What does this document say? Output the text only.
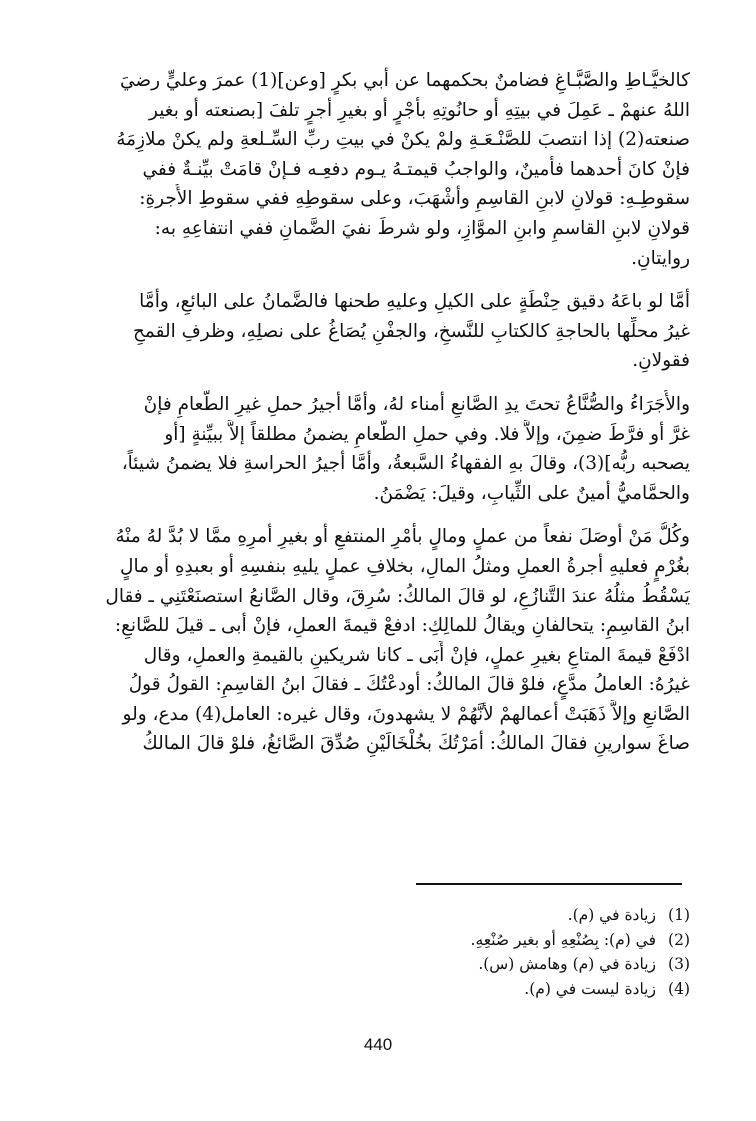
كالخيَّـاطِ والصَّبَّـاغِ فضامنٌ بحكمهما عن أبي بكرٍ [وعن](1) عمرَ وعليٍّ رضيَ
اللهُ عنهمْ ـ عَمِلَ في بيتِهِ أو حانُوتِهِ بأَجْرٍ أو بغيرِ أجرٍ تلفَ [بصنعته أو بغير
صنعته(2) إذا انتصبَ للصَّنْـعَـةِ ولمْ يكنْ في بيتِ ربِّ السِّـلعةِ ولم يكنْ ملازِمَهُ
فإنْ كانَ أحدهما فأمينٌ، والواجبُ قيمتـهُ يـوم دفعِـه فـإنْ قامَتْ بيِّنـةٌ ففي
سقوطِـهِ: قولانِ لابنِ القاسِمِ وأشْهَبَ، وعلى سقوطِهِ ففي سقوطِ الأُجرةِ:
قولانِ لابنِ القاسمِ وابنِ الموَّازِ، ولو شرطَ نفيَ الضَّمانِ ففي انتفاعِهِ به:
روايتانِ.
أمَّا لو باعَهُ دقيق حِنْطَةٍ على الكيلِ وعليهِ طحنها فالضَّمانُ على البائعِ، وأمَّا
غيرُ محلِّها بالحاجةِ كالكتابِ للنَّسخِ، والجفْنِ يُصَاغُ على نصلِهِ، وظرفِ القمحِ
فقولانِ.
والأُجَرَاءُ والصُّنَّاعُ تحتَ يدِ الصَّانعِ أمناء لهُ، وأمَّا أجيرُ حملِ غيرِ الطَّعامِ فإنْ
غرَّ أو فرَّطَ ضمِنَ، وإلاَّ فلا. وفي حملِ الطَّعامِ يضمنُ مطلقاً إلاَّ ببيِّنةٍ [أو
يصحبه ربُّه](3)، وقالَ بهِ الفقهاءُ السَّبعةُ، وأمَّا أجيرُ الحراسةِ فلا يضمنُ شيئاً،
والحمَّاميُّ أمينٌ على الثِّيابِ، وقيلَ: يَضْمَنُ.
وكُلُّ مَنْ أوصَلَ نفعاً من عملٍ ومالٍ بأمْرِ المنتفعِ أو بغيرِ أمرِهِ ممَّا لا بُدَّ لهُ منْهُ
بغُرْمٍ فعليهِ أجرةُ العملِ ومثلُ المالِ، بخلافِ عملٍ يليهِ بنفسِهِ أو بعبدِهِ أو مالٍ
يَسْقُطُ مثلُهُ عندَ التَّنازُعِ، لو قالَ المالكُ: سُرِقَ، وقال الصَّانعُ استصنَعْتَنِي ـ فقال
ابنُ القاسِمِ: يتحالفانِ ويقالُ للمالِكِ: ادفعْ قيمةَ العملِ، فإنْ أبى ـ قيلَ للصَّانعِ:
ادْفَعْ قيمةَ المتاعِ بغيرِ عملٍ، فإنْ أَبَى ـ كانا شريكينِ بالقيمةِ والعملِ، وقال
غيرُهُ: العاملُ مدَّعٍ، فلوْ قالَ المالكُ: أودعْتُكَ ـ فقالَ ابنُ القاسِمِ: القولُ قولُ
الصَّانعِ وإلاَّ ذَهَبَتْ أعمالهمْ لأنَّهُمْ لا يشهدونَ، وقال غيره: العامل(4) مدع، ولو
صاغَ سوارينِ فقالَ المالكُ: أمَرْتُكَ بخُلْخَالَيْنِ صُدِّقَ الصَّائغُ، فلوْ قالَ المالكُ
(1)
زيادة في (م).
(2)
في (م): بِصُنْعِهِ أو بغير صُنْعِهِ.
(3)
زيادة في (م) وهامش (س).
(4)
زيادة ليست في (م).
440
